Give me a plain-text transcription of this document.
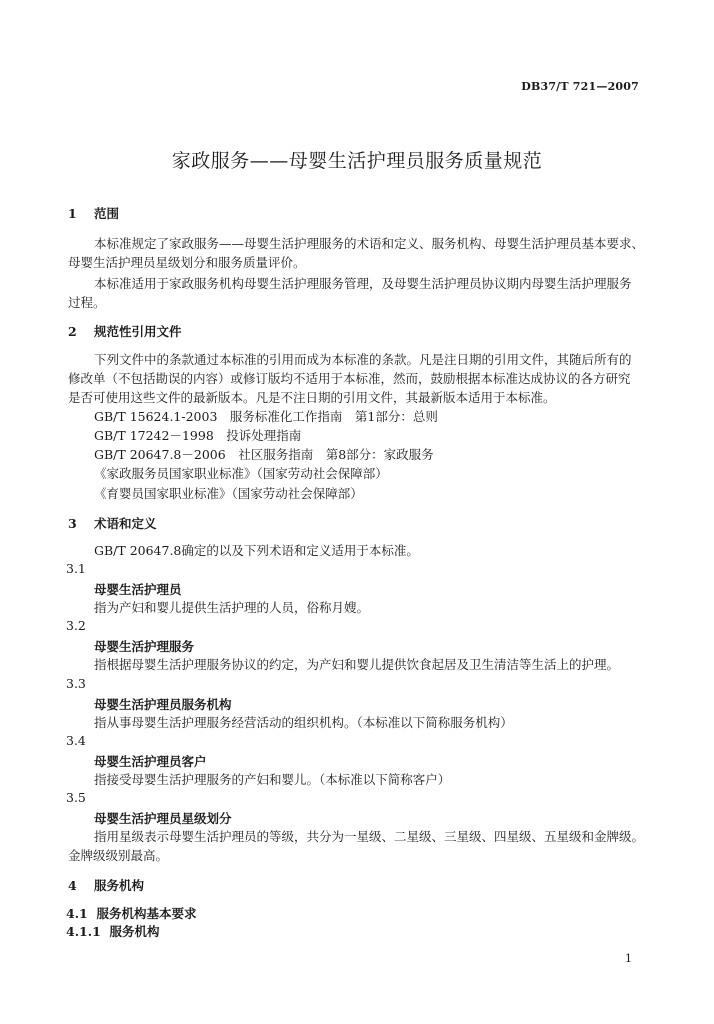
DB37/T 721—2007
家政服务——母婴生活护理员服务质量规范
1 范围
本标准规定了家政服务——母婴生活护理服务的术语和定义、服务机构、母婴生活护理员基本要求、
母婴生活护理员星级划分和服务质量评价。
本标准适用于家政服务机构母婴生活护理服务管理，及母婴生活护理员协议期内母婴生活护理服务
过程。
2 规范性引用文件
下列文件中的条款通过本标准的引用而成为本标准的条款。凡是注日期的引用文件，其随后所有的
修改单（不包括勘误的内容）或修订版均不适用于本标准，然而，鼓励根据本标准达成协议的各方研究
是否可使用这些文件的最新版本。凡是不注日期的引用文件，其最新版本适用于本标准。
GB/T 15624.1-2003　服务标准化工作指南　第1部分：总则
GB/T 17242－1998　投诉处理指南
GB/T 20647.8－2006　社区服务指南　第8部分：家政服务
《家政服务员国家职业标准》（国家劳动社会保障部）
《育婴员国家职业标准》（国家劳动社会保障部）
3 术语和定义
GB/T 20647.8确定的以及下列术语和定义适用于本标准。
3.1
母婴生活护理员
指为产妇和婴儿提供生活护理的人员，俗称月嫂。
3.2
母婴生活护理服务
指根据母婴生活护理服务协议的约定，为产妇和婴儿提供饮食起居及卫生清洁等生活上的护理。
3.3
母婴生活护理员服务机构
指从事母婴生活护理服务经营活动的组织机构。（本标准以下简称服务机构）
3.4
母婴生活护理员客户
指接受母婴生活护理服务的产妇和婴儿。（本标准以下简称客户）
3.5
母婴生活护理员星级划分
指用星级表示母婴生活护理员的等级，共分为一星级、二星级、三星级、四星级、五星级和金牌级。
金牌级级别最高。
4 服务机构
4.1 服务机构基本要求
4.1.1 服务机构
1
